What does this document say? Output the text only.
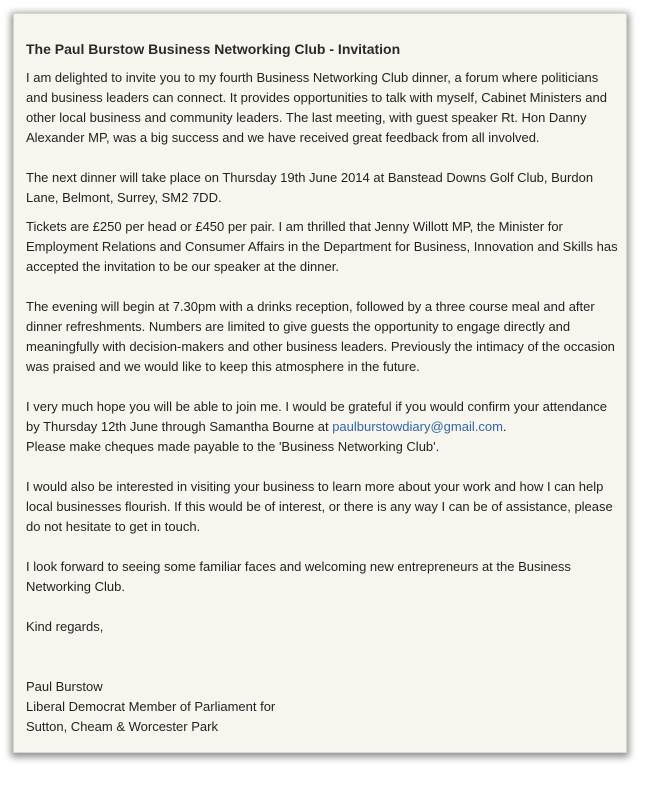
The Paul Burstow Business Networking Club - Invitation

I am delighted to invite you to my fourth Business Networking Club dinner, a forum where politicians and business leaders can connect. It provides opportunities to talk with myself, Cabinet Ministers and other local business and community leaders. The last meeting, with guest speaker Rt. Hon Danny Alexander MP, was a big success and we have received great feedback from all involved.

The next dinner will take place on Thursday 19th June 2014 at Banstead Downs Golf Club, Burdon Lane, Belmont, Surrey, SM2 7DD.

Tickets are £250 per head or £450 per pair. I am thrilled that Jenny Willott MP, the Minister for Employment Relations and Consumer Affairs in the Department for Business, Innovation and Skills has accepted the invitation to be our speaker at the dinner.

The evening will begin at 7.30pm with a drinks reception, followed by a three course meal and after dinner refreshments. Numbers are limited to give guests the opportunity to engage directly and meaningfully with decision-makers and other business leaders. Previously the intimacy of the occasion was praised and we would like to keep this atmosphere in the future.

I very much hope you will be able to join me. I would be grateful if you would confirm your attendance by Thursday 12th June through Samantha Bourne at paulburstowdiary@gmail.com.
Please make cheques made payable to the 'Business Networking Club'.

I would also be interested in visiting your business to learn more about your work and how I can help local businesses flourish. If this would be of interest, or there is any way I can be of assistance, please do not hesitate to get in touch.

I look forward to seeing some familiar faces and welcoming new entrepreneurs at the Business Networking Club.

Kind regards,

Paul Burstow
Liberal Democrat Member of Parliament for
Sutton, Cheam & Worcester Park
